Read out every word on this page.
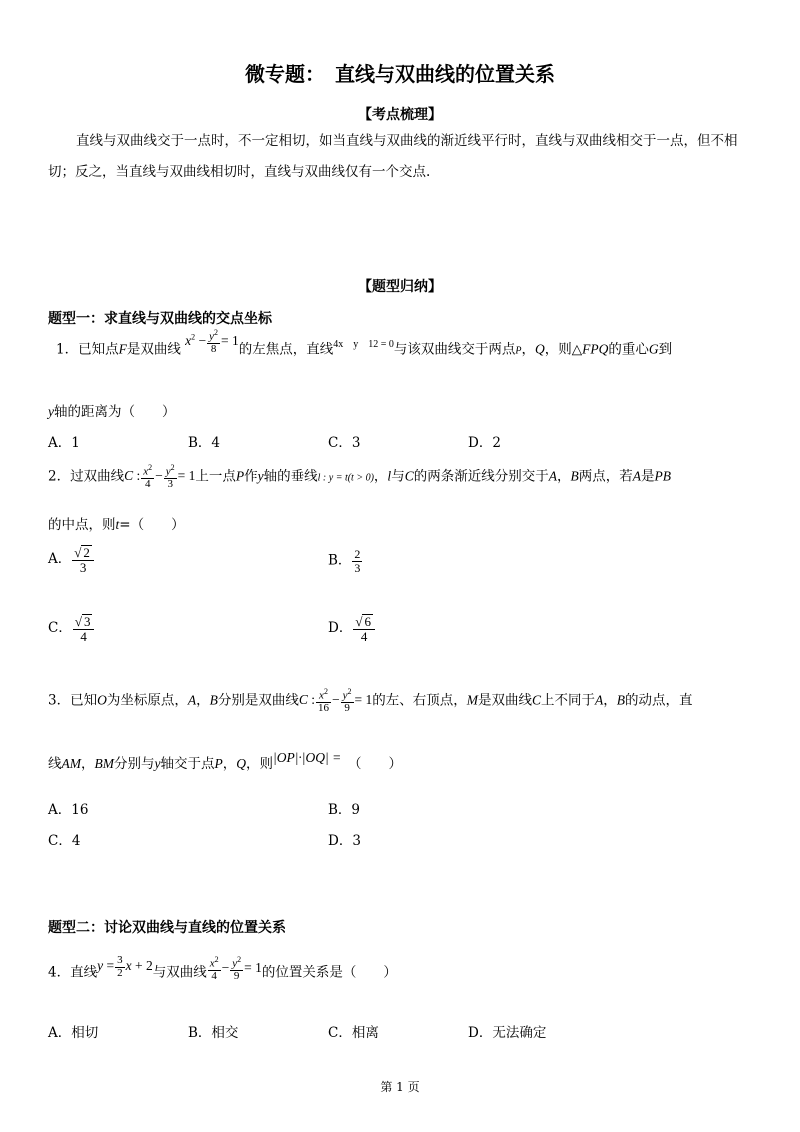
微专题：　直线与双曲线的位置关系
【考点梳理】
直线与双曲线交于一点时，不一定相切，如当直线与双曲线的渐近线平行时，直线与双曲线相交于一点，但不相切；反之，当直线与双曲线相切时，直线与双曲线仅有一个交点.
【题型归纳】
题型一：求直线与双曲线的交点坐标
1．已知点F是双曲线 $x^2 - \frac{y^2}{8} = 1$的左焦点，直线$^{4x y 12 = 0}$与该双曲线交于两点P，Q，则△FPQ的重心G到
y轴的距离为（　　）
A．1	B．4	C．3	D．2
2．过双曲线C : $\frac{x^2}{4} - \frac{y^2}{3} = 1$上一点P作y轴的垂线l : y = t(t > 0)，l与C的两条渐近线分别交于A，B两点，若A是PB
的中点，则t=（　　）
A． $\frac{√ 2}{3}$	B． $\frac{2}{3}$
C． $\frac{√ 3}{4}$	D． $\frac{√ 6}{4}$
3．已知O为坐标原点，A，B分别是双曲线C : $\frac{x^2}{16} - \frac{y^2}{9} = 1$的左、右顶点，M是双曲线C上不同于A，B的动点，直
线AM，BM分别与y轴交于点P，Q，则|OP|·|OQ| =　 （　　）
A．16	B．9
C．4	D．3
题型二：讨论双曲线与直线的位置关系
4．直线$y = \frac{3}{2}$ x + 2与双曲线 $\frac{x^2}{4} - \frac{y^2}{9} = 1$的位置关系是（　　）
A．相切	B．相交	C．相离	D．无法确定
第 1 页
